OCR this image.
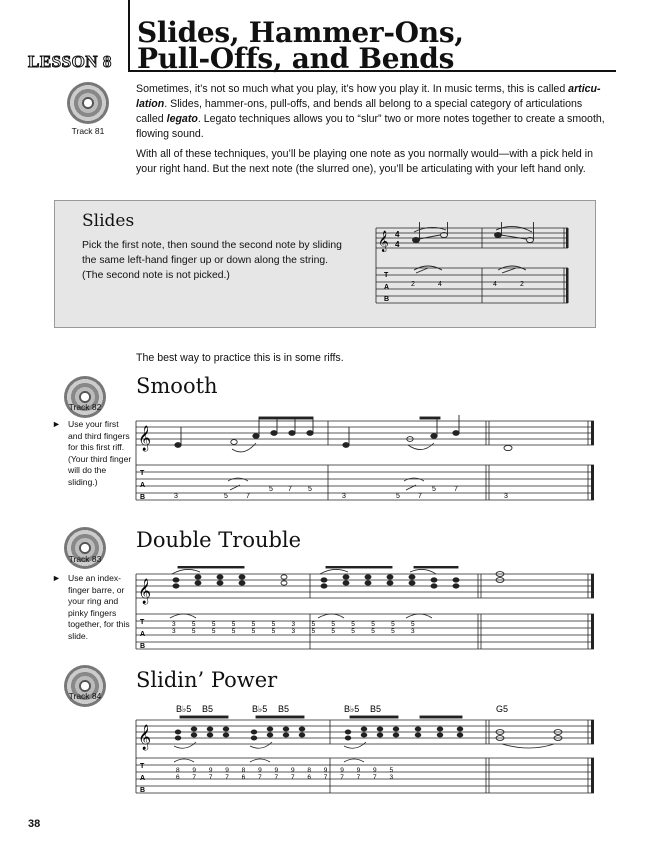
LESSON 8
Slides, Hammer-Ons,
Pull-Offs, and Bends
Track 81
Sometimes, it’s not so much what you play, it’s how you play it. In music terms, this is called articu-lation. Slides, hammer-ons, pull-offs, and bends all belong to a special category of articulations called legato. Legato techniques allows you to “slur” two or more notes together to create a smooth, flowing sound.
With all of these techniques, you’ll be playing one note as you normally would—with a pick held in your right hand. But the next note (the slurred one), you’ll be articulating with your left hand only.
Slides
Pick the first note, then sound the second note by sliding the same left-hand finger up or down along the string. (The second note is not picked.)
𝄞 4
4
T
A
B
2	4	4	2
The best way to practice this is in some riffs.
Track 82
Smooth
► Use your first and third fingers for this first riff. (Your third finger will do the sliding.)
𝄞
T
A
B	3	5	7
5 7 5
3	5	7
5	7
3
Track 83
Double Trouble
► Use an index-finger barre, or your ring and pinky fingers together, for this slide.
𝄞
T
A
B
3 5 5 5 5 5 3 5 5 5 5 5 5
3 5 5 5 5 5 3 5 5 5 5 5 3
Track 84
Slidin’ Power
B♭5 B5	B♭5 B5	B♭5 B5	G5
𝄞
T
A
B
8 9 9 9 8 9 9 9 8 9 9 9 9 5
6 7 7 7 6 7 7 7 6 7 7 7 7 3
38
